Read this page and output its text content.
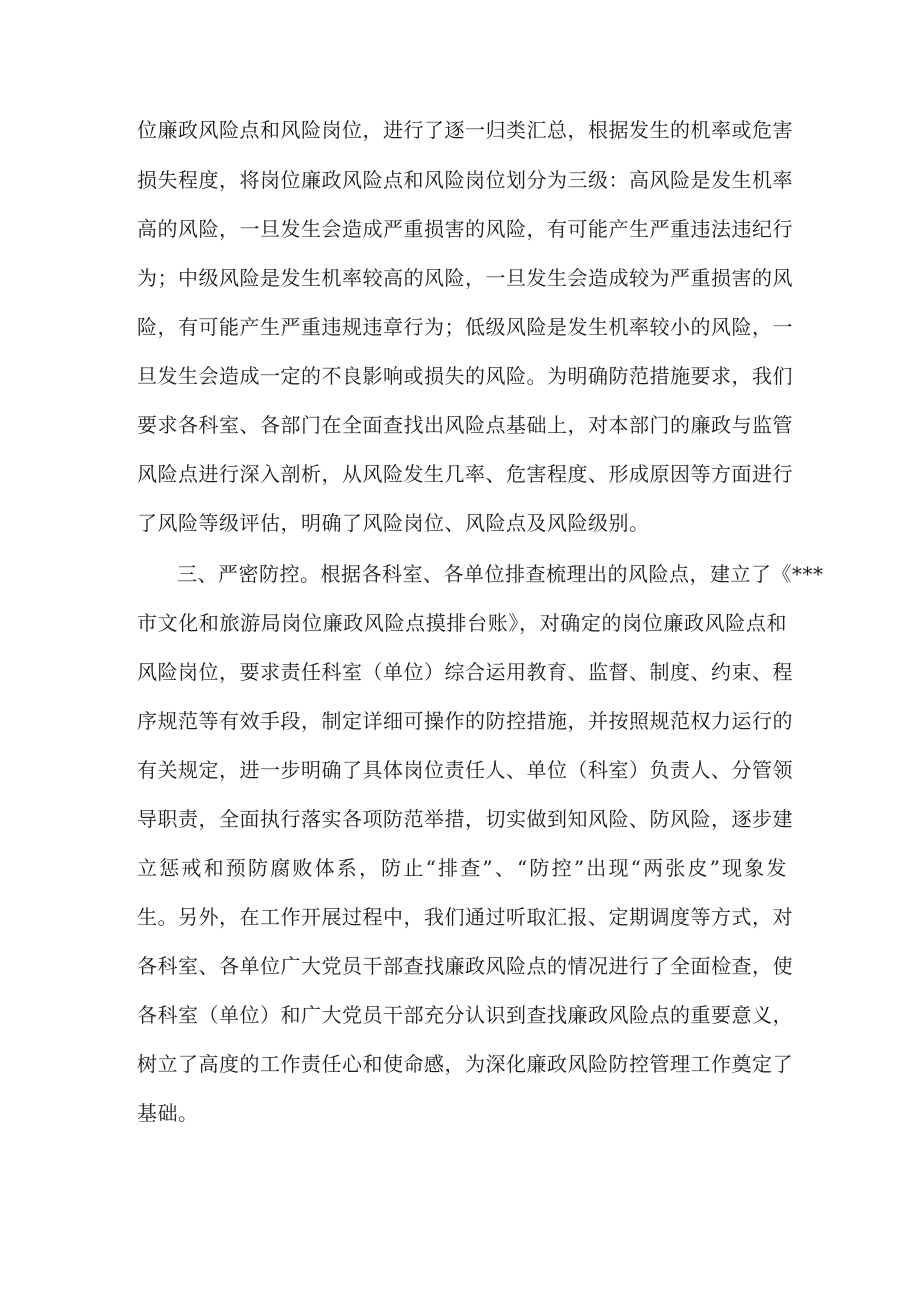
位廉政风险点和风险岗位，进行了逐一归类汇总，根据发生的机率或危害
损失程度，将岗位廉政风险点和风险岗位划分为三级：高风险是发生机率
高的风险，一旦发生会造成严重损害的风险，有可能产生严重违法违纪行
为；中级风险是发生机率较高的风险，一旦发生会造成较为严重损害的风
险，有可能产生严重违规违章行为；低级风险是发生机率较小的风险，一
旦发生会造成一定的不良影响或损失的风险。为明确防范措施要求，我们
要求各科室、各部门在全面查找出风险点基础上，对本部门的廉政与监管
风险点进行深入剖析，从风险发生几率、危害程度、形成原因等方面进行
了风险等级评估，明确了风险岗位、风险点及风险级别。
三、严密防控。根据各科室、各单位排查梳理出的风险点，建立了《***
市文化和旅游局岗位廉政风险点摸排台账》，对确定的岗位廉政风险点和
风险岗位，要求责任科室（单位）综合运用教育、监督、制度、约束、程
序规范等有效手段，制定详细可操作的防控措施，并按照规范权力运行的
有关规定，进一步明确了具体岗位责任人、单位（科室）负责人、分管领
导职责，全面执行落实各项防范举措，切实做到知风险、防风险，逐步建
立惩戒和预防腐败体系，防止“排查”、“防控”出现“两张皮”现象发
生。另外，在工作开展过程中，我们通过听取汇报、定期调度等方式，对
各科室、各单位广大党员干部查找廉政风险点的情况进行了全面检查，使
各科室（单位）和广大党员干部充分认识到查找廉政风险点的重要意义，
树立了高度的工作责任心和使命感，为深化廉政风险防控管理工作奠定了
基础。
